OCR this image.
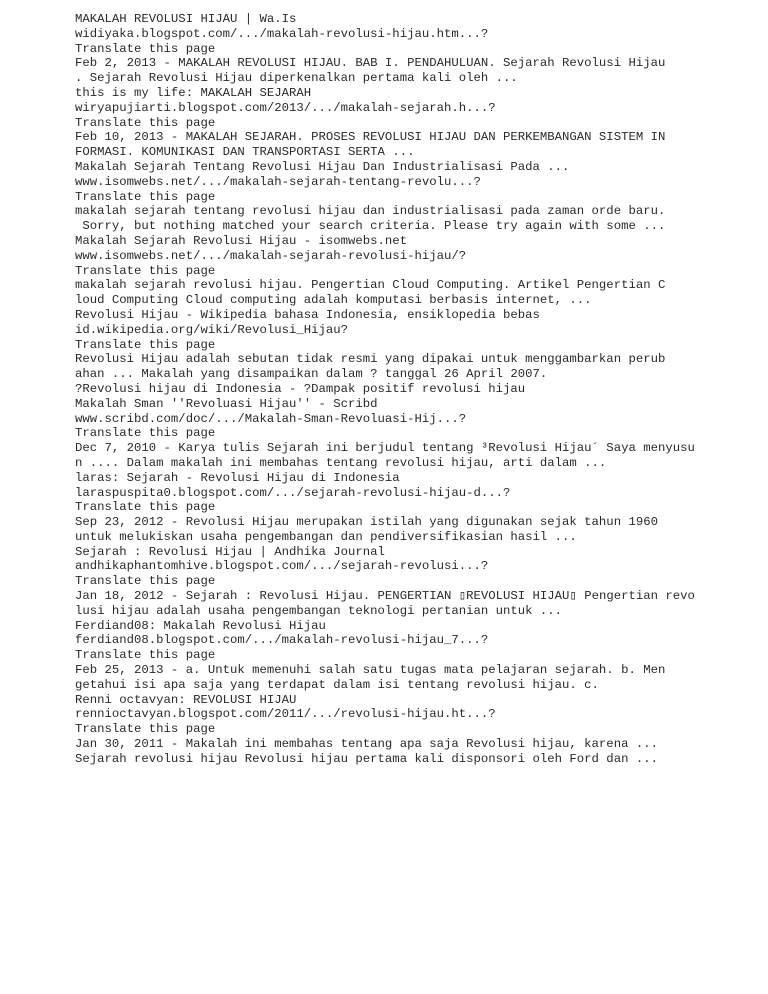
MAKALAH REVOLUSI HIJAU | Wa.Is
widiyaka.blogspot.com/.../makalah-revolusi-hijau.htm...?
Translate this page
Feb 2, 2013 - MAKALAH REVOLUSI HIJAU. BAB I. PENDAHULUAN. Sejarah Revolusi Hijau
. Sejarah Revolusi Hijau diperkenalkan pertama kali oleh ...
this is my life: MAKALAH SEJARAH
wiryapujiarti.blogspot.com/2013/.../makalah-sejarah.h...?
Translate this page
Feb 10, 2013 - MAKALAH SEJARAH. PROSES REVOLUSI HIJAU DAN PERKEMBANGAN SISTEM IN
FORMASI. KOMUNIKASI DAN TRANSPORTASI SERTA ...
Makalah Sejarah Tentang Revolusi Hijau Dan Industrialisasi Pada ...
www.isomwebs.net/.../makalah-sejarah-tentang-revolu...?
Translate this page
makalah sejarah tentang revolusi hijau dan industrialisasi pada zaman orde baru.
Sorry, but nothing matched your search criteria. Please try again with some ...
Makalah Sejarah Revolusi Hijau - isomwebs.net
www.isomwebs.net/.../makalah-sejarah-revolusi-hijau/?
Translate this page
makalah sejarah revolusi hijau. Pengertian Cloud Computing. Artikel Pengertian C
loud Computing Cloud computing adalah komputasi berbasis internet, ...
Revolusi Hijau - Wikipedia bahasa Indonesia, ensiklopedia bebas
id.wikipedia.org/wiki/Revolusi_Hijau?
Translate this page
Revolusi Hijau adalah sebutan tidak resmi yang dipakai untuk menggambarkan perub
ahan ... Makalah yang disampaikan dalam ? tanggal 26 April 2007.
?Revolusi hijau di Indonesia - ?Dampak positif revolusi hijau
Makalah Sman ''Revoluasi Hijau'' - Scribd
www.scribd.com/doc/.../Makalah-Sman-Revoluasi-Hij...?
Translate this page
Dec 7, 2010 - Karya tulis Sejarah ini berjudul tentang ³Revolusi Hijau´ Saya menyusu
n .... Dalam makalah ini membahas tentang revolusi hijau, arti dalam ...
laras: Sejarah - Revolusi Hijau di Indonesia
laraspuspita0.blogspot.com/.../sejarah-revolusi-hijau-d...?
Translate this page
Sep 23, 2012 - Revolusi Hijau merupakan istilah yang digunakan sejak tahun 1960
untuk melukiskan usaha pengembangan dan pendiversifikasian hasil ...
Sejarah : Revolusi Hijau | Andhika Journal
andhikaphantomhive.blogspot.com/.../sejarah-revolusi...?
Translate this page
Jan 18, 2012 - Sejarah : Revolusi Hijau. PENGERTIAN ▯REVOLUSI HIJAU▯ Pengertian revo
lusi hijau adalah usaha pengembangan teknologi pertanian untuk ...
Ferdiand08: Makalah Revolusi Hijau
ferdiand08.blogspot.com/.../makalah-revolusi-hijau_7...?
Translate this page
Feb 25, 2013 - a. Untuk memenuhi salah satu tugas mata pelajaran sejarah. b. Men
getahui isi apa saja yang terdapat dalam isi tentang revolusi hijau. c.
Renni octavyan: REVOLUSI HIJAU
rennioctavyan.blogspot.com/2011/.../revolusi-hijau.ht...?
Translate this page
Jan 30, 2011 - Makalah ini membahas tentang apa saja Revolusi hijau, karena ...
Sejarah revolusi hijau Revolusi hijau pertama kali disponsori oleh Ford dan ...
